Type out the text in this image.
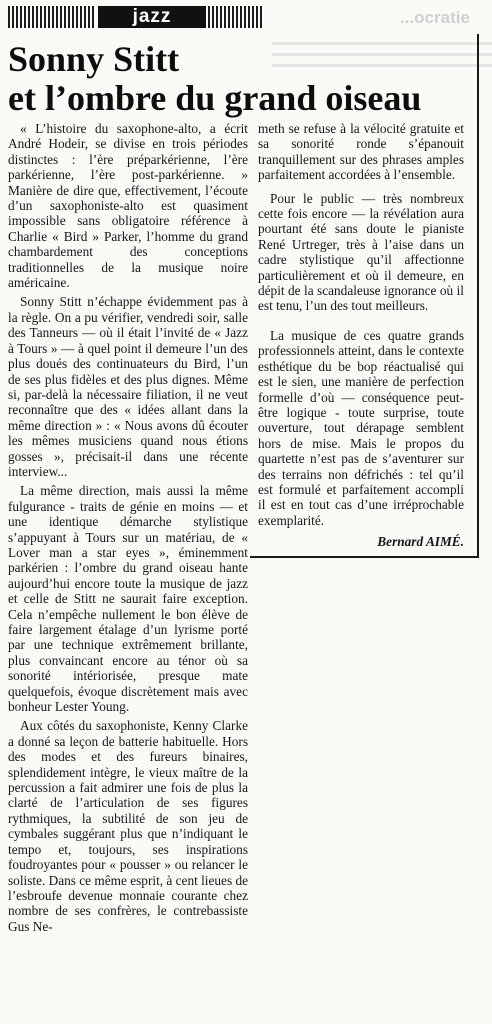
jazz	...ocratie
Sonny Stitt
et l’ombre du grand oiseau

« L’histoire du saxophone-alto, a écrit André Hodeir, se divise en trois périodes distinctes : l’ère préparkérienne, l’ère parkérienne, l’ère post-parkérienne. » Manière de dire que, effectivement, l’écoute d’un saxophoniste-alto est quasiment impossible sans obligatoire référence à Charlie « Bird » Parker, l’homme du grand chambardement des conceptions traditionnelles de la musique noire américaine.

Sonny Stitt n’échappe évidemment pas à la règle. On a pu vérifier, vendredi soir, salle des Tanneurs — où il était l’invité de « Jazz à Tours » — à quel point il demeure l’un des plus doués des continuateurs du Bird, l’un de ses plus fidèles et des plus dignes. Même si, par-delà la nécessaire filiation, il ne veut reconnaître que des « idées allant dans la même direction » : « Nous avons dû écouter les mêmes musiciens quand nous étions gosses », précisait-il dans une récente interview...

La même direction, mais aussi la même fulgurance - traits de génie en moins — et une identique démarche stylistique s’appuyant à Tours sur un matériau, de « Lover man a star eyes », éminemment parkérien : l’ombre du grand oiseau hante aujourd’hui encore toute la musique de jazz et celle de Stitt ne saurait faire exception. Cela n’empêche nullement le bon élève de faire largement étalage d’un lyrisme porté par une technique extrêmement brillante, plus convaincant encore au ténor où sa sonorité intériorisée, presque mate quelquefois, évoque discrètement mais avec bonheur Lester Young.

Aux côtés du saxophoniste, Kenny Clarke a donné sa leçon de batterie habituelle. Hors des modes et des fureurs binaires, splendidement intègre, le vieux maître de la percussion a fait admirer une fois de plus la clarté de l’articulation de ses figures rythmiques, la subtilité de son jeu de cymbales suggérant plus que n’indiquant le tempo et, toujours, ses inspirations foudroyantes pour « pousser » ou relancer le soliste. Dans ce même esprit, à cent lieues de l’esbroufe devenue monnaie courante chez nombre de ses confrères, le contrebassiste Gus Ne-

meth se refuse à la vélocité gratuite et sa sonorité ronde s’épanouit tranquillement sur des phrases amples parfaitement accordées à l’ensemble.

Pour le public — très nombreux cette fois encore — la révélation aura pourtant été sans doute le pianiste René Urtreger, très à l’aise dans un cadre stylistique qu’il affectionne particulièrement et où il demeure, en dépit de la scandaleuse ignorance où il est tenu, l’un des tout meilleurs.

La musique de ces quatre grands professionnels atteint, dans le contexte esthétique du be bop réactualisé qui est le sien, une manière de perfection formelle d’où — conséquence peut-être logique - toute surprise, toute ouverture, tout dérapage semblent hors de mise. Mais le propos du quartette n’est pas de s’aventurer sur des terrains non défrichés : tel qu’il est formulé et parfaitement accompli il est en tout cas d’une irréprochable exemplarité.

Bernard AIMÉ.
